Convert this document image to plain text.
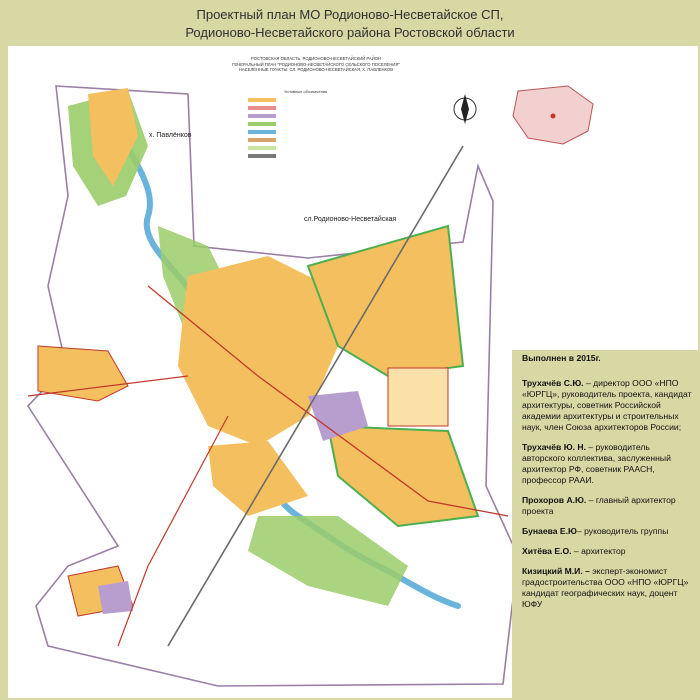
Проектный план МО Родионово-Несветайское СП,
Родионово-Несветайского района Ростовской области
РОСТОВСКАЯ ОБЛАСТЬ, РОДИОНОВО-НЕСВЕТАЙСКИЙ РАЙОН
ГЕНЕРАЛЬНЫЙ ПЛАН "РОДИОНОВО-НЕСВЕТАЙСКОГО СЕЛЬСКОГО ПОСЕЛЕНИЯ"
НАСЕЛЕННЫЕ ПУНКТЫ: СЛ. РОДИОНОВО-НЕСВЕТАЙСКАЯ, Х. ПАВЛЕНКОВ
Условные обозначения
х. Павлёнков
сл.Родионово-Несветайская
Выполнен в 2015г.
Трухачёв С.Ю. – директор ООО «НПО «ЮРГЦ», руководитель проекта, кандидат архитектуры, советник Российской академии архитектуры и строительных наук, член Союза архитекторов России;
Трухачёв Ю. Н. – руководитель авторского коллектива, заслуженный архитектор РФ, советник РААСН, профессор РААИ.
Прохоров А.Ю. – главный архитектор проекта
Бунаева Е.Ю– руководитель группы
Хитёва Е.О. – архитектор
Кизицкий М.И. – эксперт-экономист градостроительства ООО «НПО «ЮРГЦ» кандидат географических наук, доцент ЮФУ
